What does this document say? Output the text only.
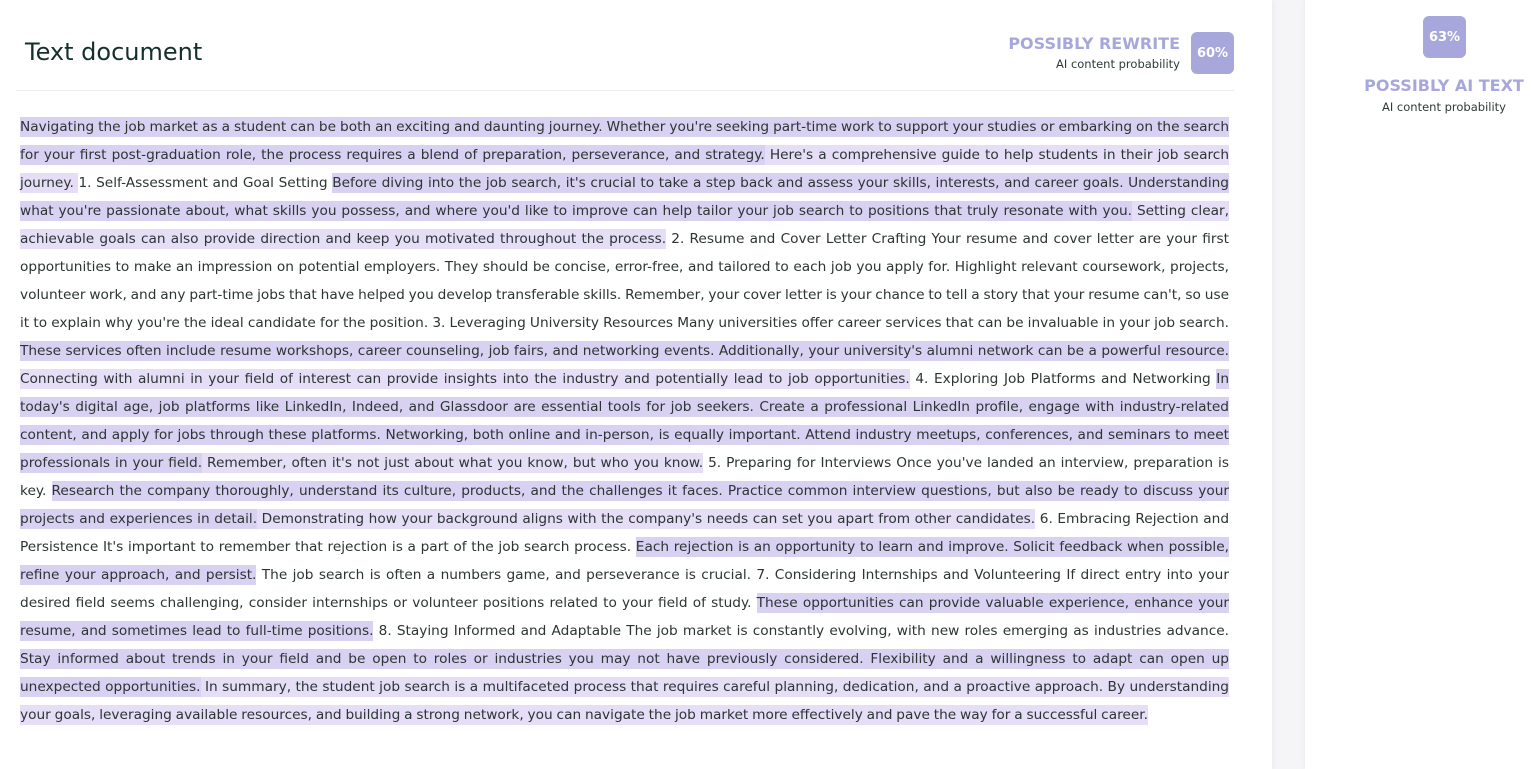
Text document	POSSIBLY REWRITE
AI content probability
60%

Navigating the job market as a student can be both an exciting and daunting journey. Whether you're seeking part-time work to support your studies or embarking on the search for your first post-graduation role, the process requires a blend of preparation, perseverance, and strategy. Here's a comprehensive guide to help students in their job search journey. 1. Self-Assessment and Goal Setting Before diving into the job search, it's crucial to take a step back and assess your skills, interests, and career goals. Understanding what you're passionate about, what skills you possess, and where you'd like to improve can help tailor your job search to positions that truly resonate with you. Setting clear, achievable goals can also provide direction and keep you motivated throughout the process. 2. Resume and Cover Letter Crafting Your resume and cover letter are your first opportunities to make an impression on potential employers. They should be concise, error-free, and tailored to each job you apply for. Highlight relevant coursework, projects, volunteer work, and any part-time jobs that have helped you develop transferable skills. Remember, your cover letter is your chance to tell a story that your resume can't, so use it to explain why you're the ideal candidate for the position. 3. Leveraging University Resources Many universities offer career services that can be invaluable in your job search. These services often include resume workshops, career counseling, job fairs, and networking events. Additionally, your university's alumni network can be a powerful resource. Connecting with alumni in your field of interest can provide insights into the industry and potentially lead to job opportunities. 4. Exploring Job Platforms and Networking In today's digital age, job platforms like LinkedIn, Indeed, and Glassdoor are essential tools for job seekers. Create a professional LinkedIn profile, engage with industry-related content, and apply for jobs through these platforms. Networking, both online and in-person, is equally important. Attend industry meetups, conferences, and seminars to meet professionals in your field. Remember, often it's not just about what you know, but who you know. 5. Preparing for Interviews Once you've landed an interview, preparation is key. Research the company thoroughly, understand its culture, products, and the challenges it faces. Practice common interview questions, but also be ready to discuss your projects and experiences in detail. Demonstrating how your background aligns with the company's needs can set you apart from other candidates. 6. Embracing Rejection and Persistence It's important to remember that rejection is a part of the job search process. Each rejection is an opportunity to learn and improve. Solicit feedback when possible, refine your approach, and persist. The job search is often a numbers game, and perseverance is crucial. 7. Considering Internships and Volunteering If direct entry into your desired field seems challenging, consider internships or volunteer positions related to your field of study. These opportunities can provide valuable experience, enhance your resume, and sometimes lead to full-time positions. 8. Staying Informed and Adaptable The job market is constantly evolving, with new roles emerging as industries advance. Stay informed about trends in your field and be open to roles or industries you may not have previously considered. Flexibility and a willingness to adapt can open up unexpected opportunities. In summary, the student job search is a multifaceted process that requires careful planning, dedication, and a proactive approach. By understanding your goals, leveraging available resources, and building a strong network, you can navigate the job market more effectively and pave the way for a successful career.

63%
POSSIBLY AI TEXT
AI content probability
